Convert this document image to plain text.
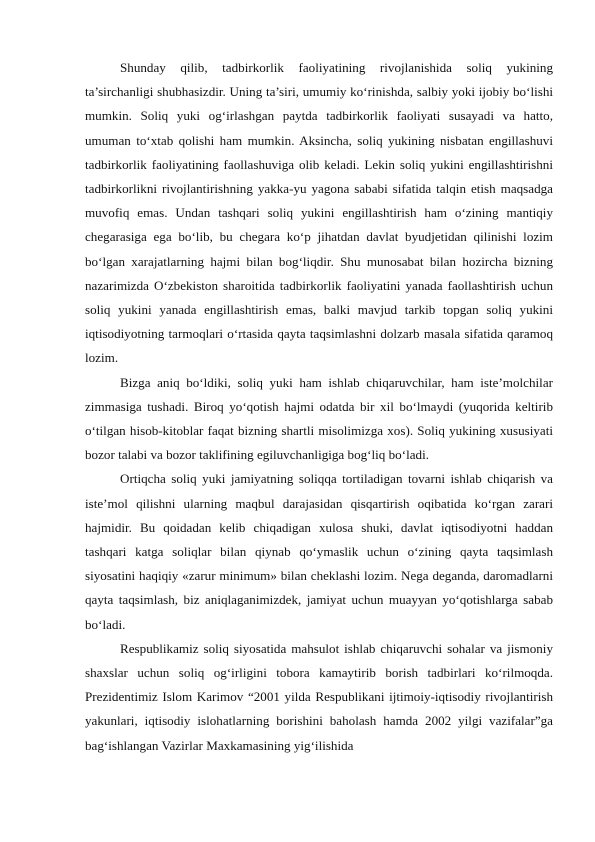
Shunday qilib, tadbirkorlik faoliyatining rivojlanishida soliq yukining ta’sirchanligi shubhasizdir. Uning ta’siri, umumiy ko‘rinishda, salbiy yoki ijobiy bo‘lishi mumkin. Soliq yuki og‘irlashgan paytda tadbirkorlik faoliyati susayadi va hatto, umuman to‘xtab qolishi ham mumkin. Aksincha, soliq yukining nisbatan engillashuvi tadbirkorlik faoliyatining faollashuviga olib keladi. Lekin soliq yukini engillashtirishni tadbirkorlikni rivojlantirishning yakka-yu yagona sababi sifatida talqin etish maqsadga muvofiq emas. Undan tashqari soliq yukini engillashtirish ham o‘zining mantiqiy chegarasiga ega bo‘lib, bu chegara ko‘p jihatdan davlat byudjetidan qilinishi lozim bo‘lgan xarajatlarning hajmi bilan bog‘liqdir. Shu munosabat bilan hozircha bizning nazarimizda O‘zbekiston sharoitida tadbirkorlik faoliyatini yanada faollashtirish uchun soliq yukini yanada engillashtirish emas, balki mavjud tarkib topgan soliq yukini iqtisodiyotning tarmoqlari o‘rtasida qayta taqsimlashni dolzarb masala sifatida qaramoq lozim.

Bizga aniq bo‘ldiki, soliq yuki ham ishlab chiqaruvchilar, ham iste’molchilar zimmasiga tushadi. Biroq yo‘qotish hajmi odatda bir xil bo‘lmaydi (yuqorida keltirib o‘tilgan hisob-kitoblar faqat bizning shartli misolimizga xos). Soliq yukining xususiyati bozor talabi va bozor taklifining egiluvchanligiga bog‘liq bo‘ladi.

Ortiqcha soliq yuki jamiyatning soliqqa tortiladigan tovarni ishlab chiqarish va iste’mol qilishni ularning maqbul darajasidan qisqartirish oqibatida ko‘rgan zarari hajmidir. Bu qoidadan kelib chiqadigan xulosa shuki, davlat iqtisodiyotni haddan tashqari katga soliqlar bilan qiynab qo‘ymaslik uchun o‘zining qayta taqsimlash siyosatini haqiqiy «zarur minimum» bilan cheklashi lozim. Nega deganda, daromadlarni qayta taqsimlash, biz aniqlaganimizdek, jamiyat uchun muayyan yo‘qotishlarga sabab bo‘ladi.

Respublikamiz soliq siyosatida mahsulot ishlab chiqaruvchi sohalar va jismoniy shaxslar uchun soliq og‘irligini tobora kamaytirib borish tadbirlari ko‘rilmoqda. Prezidentimiz Islom Karimov “2001 yilda Respublikani ijtimoiy-iqtisodiy rivojlantirish yakunlari, iqtisodiy islohatlarning borishini baholash hamda 2002 yilgi vazifalar”ga bag‘ishlangan Vazirlar Maxkamasining yig‘ilishida
